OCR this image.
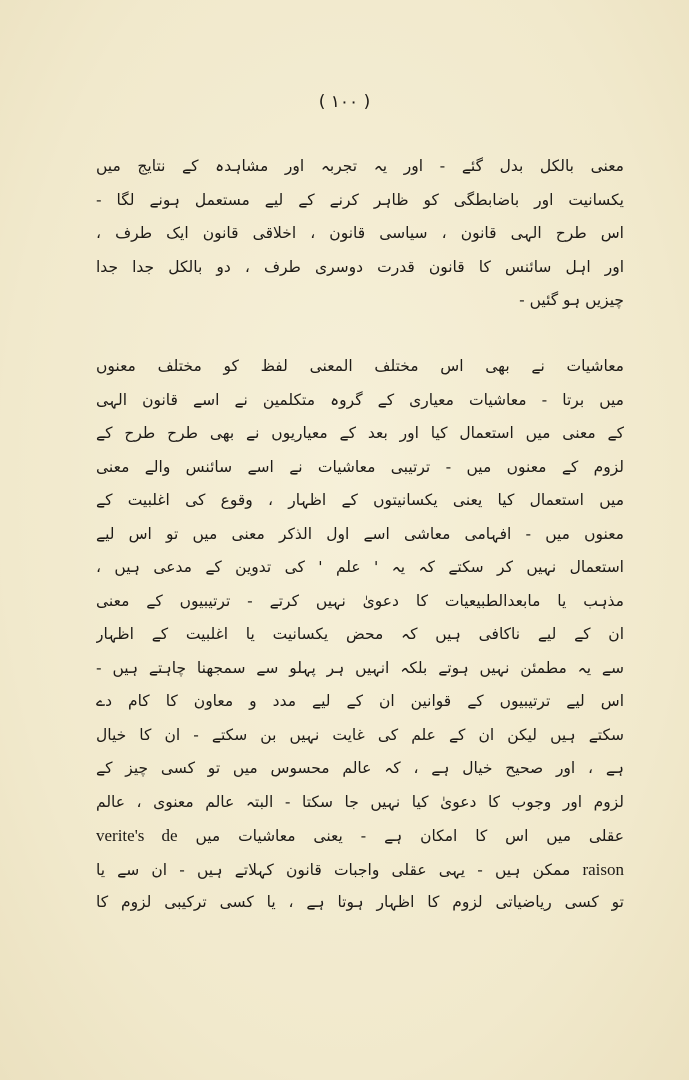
( ١٠٠ )
معنی بالکل بدل گئے - اور یہ تجربہ اور مشاہدہ کے نتایج میں
یکسانیت اور باضابطگی کو ظاہر کرنے کے لیے مستعمل ہونے لگا -
اس طرح الہی قانون ، سیاسی قانون ، اخلاقی قانون ایک طرف ،
اور اہل سائنس کا قانون قدرت دوسری طرف ، دو بالکل جدا جدا
چیزیں ہو گئیں -
معاشیات نے بھی اس مختلف المعنی لفظ کو مختلف معنوں
میں برتا - معاشیات معیاری کے گروہ متکلمین نے اسے قانون الہی
کے معنی میں استعمال کیا اور بعد کے معیاریوں نے بھی طرح طرح کے
لزوم کے معنوں میں - ترتیبی معاشیات نے اسے سائنس والے معنی
میں استعمال کیا یعنی یکسانیتوں کے اظہار ، وقوع کی اغلبیت کے
معنوں میں - افہامی معاشی اسے اول الذکر معنی میں تو اس لیے
استعمال نہیں کر سکتے کہ یہ ' علم ' کی تدوین کے مدعی ہیں ،
مذہب یا مابعدالطبیعیات کا دعویٰ نہیں کرتے - ترتیبیوں کے معنی
ان کے لیے ناکافی ہیں کہ محض یکسانیت یا اغلبیت کے اظہار
سے یہ مطمئن نہیں ہوتے بلکہ انہیں ہر پہلو سے سمجھنا چاہتے ہیں -
اس لیے ترتیبیوں کے قوانین ان کے لیے مدد و معاون کا کام دے
سکتے ہیں لیکن ان کے علم کی غایت نہیں بن سکتے - ان کا خیال
ہے ، اور صحیح خیال ہے ، کہ عالم محسوس میں تو کسی چیز کے
لزوم اور وجوب کا دعویٰ کیا نہیں جا سکتا - البتہ عالم معنوی ، عالم
عقلی میں اس کا امکان ہے - یعنی معاشیات میں verite's de
raison ممکن ہیں - یہی عقلی واجبات قانون کہلاتے ہیں - ان سے یا
تو کسی ریاضیاتی لزوم کا اظہار ہوتا ہے ، یا کسی ترکیبی لزوم کا
